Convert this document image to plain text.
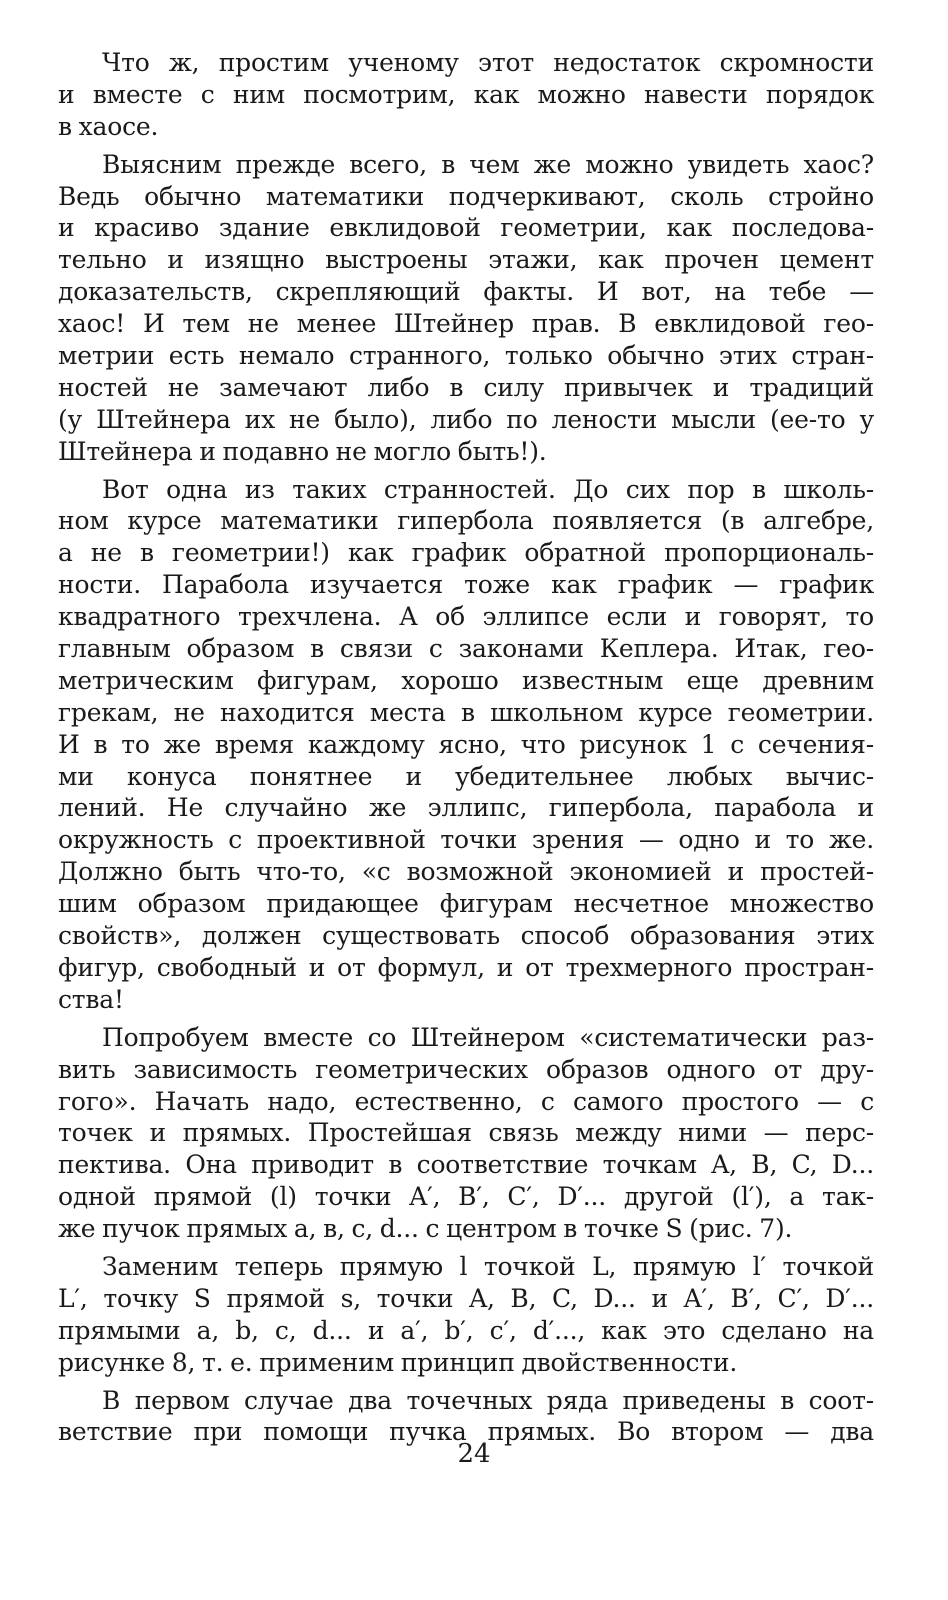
Что ж, простим ученому этот недостаток скромности
и вместе с ним посмотрим, как можно навести порядок
в хаосе.
Выясним прежде всего, в чем же можно увидеть хаос?
Ведь обычно математики подчеркивают, сколь стройно
и красиво здание евклидовой геометрии, как последова-
тельно и изящно выстроены этажи, как прочен цемент
доказательств, скрепляющий факты. И вот, на тебе —
хаос! И тем не менее Штейнер прав. В евклидовой гео-
метрии есть немало странного, только обычно этих стран-
ностей не замечают либо в силу привычек и традиций
(у Штейнера их не было), либо по лености мысли (ее-то у
Штейнера и подавно не могло быть!).
Вот одна из таких странностей. До сих пор в школь-
ном курсе математики гипербола появляется (в алгебре,
а не в геометрии!) как график обратной пропорциональ-
ности. Парабола изучается тоже как график — график
квадратного трехчлена. А об эллипсе если и говорят, то
главным образом в связи с законами Кеплера. Итак, гео-
метрическим фигурам, хорошо известным еще древним
грекам, не находится места в школьном курсе геометрии.
И в то же время каждому ясно, что рисунок 1 с сечения-
ми конуса понятнее и убедительнее любых вычис-
лений. Не случайно же эллипс, гипербола, парабола и
окружность с проективной точки зрения — одно и то же.
Должно быть что-то, «с возможной экономией и простей-
шим образом придающее фигурам несчетное множество
свойств», должен существовать способ образования этих
фигур, свободный и от формул, и от трехмерного простран-
ства!
Попробуем вместе со Штейнером «систематически раз-
вить зависимость геометрических образов одного от дру-
гого». Начать надо, естественно, с самого простого — с
точек и прямых. Простейшая связь между ними — перс-
пектива. Она приводит в соответствие точкам A, B, C, D...
одной прямой (l) точки A′, B′, C′, D′... другой (l′), а так-
же пучок прямых a, в, c, d... с центром в точке S (рис. 7).
Заменим теперь прямую l точкой L, прямую l′ точкой
L′, точку S прямой s, точки A, B, C, D... и A′, B′, C′, D′...
прямыми a, b, c, d... и a′, b′, c′, d′..., как это сделано на
рисунке 8, т. е. применим принцип двойственности.
В первом случае два точечных ряда приведены в соот-
ветствие при помощи пучка прямых. Во втором — два
24
